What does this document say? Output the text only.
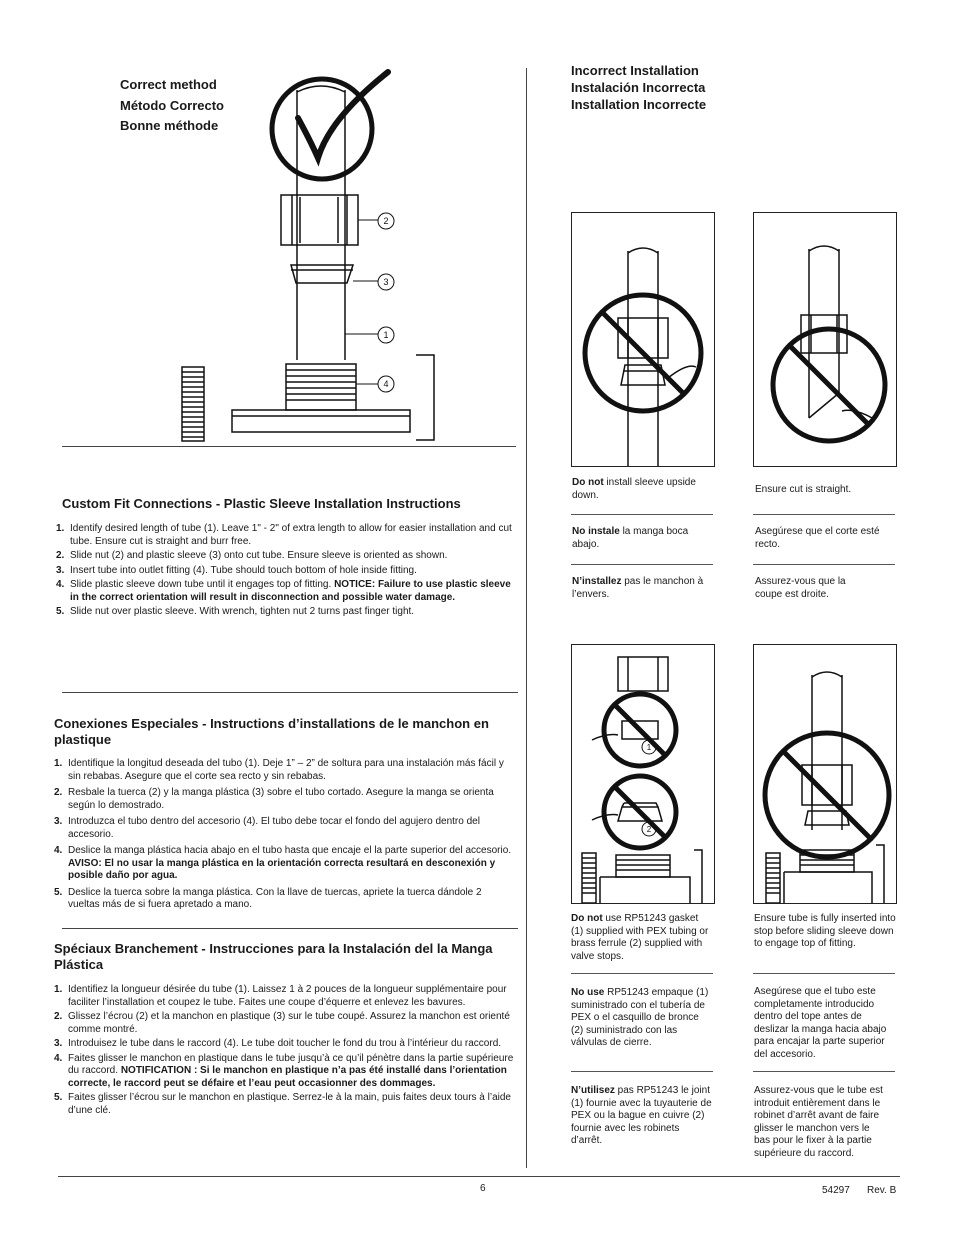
Correct method
Método Correcto
Bonne méthode
2
3
1
4
Custom Fit Connections - Plastic Sleeve Installation Instructions
1. Identify desired length of tube (1). Leave 1" - 2" of extra length to allow for easier installation and cut tube. Ensure cut is straight and burr free.
2. Slide nut (2) and plastic sleeve (3) onto cut tube. Ensure sleeve is oriented as shown.
3. Insert tube into outlet fitting (4). Tube should touch bottom of hole inside fitting.
4. Slide plastic sleeve down tube until it engages top of fitting. NOTICE: Failure to use plastic sleeve in the correct orientation will result in disconnection and possible water damage.
5. Slide nut over plastic sleeve. With wrench, tighten nut 2 turns past finger tight.
Conexiones Especiales - Instructions d’installations de le manchon en plastique
1. Identifique la longitud deseada del tubo (1). Deje 1” – 2” de soltura para una instalación más fácil y sin rebabas. Asegure que el corte sea recto y sin rebabas.
2. Resbale la tuerca (2) y la manga plástica (3) sobre el tubo cortado. Asegure la manga se orienta según lo demostrado.
3. Introduzca el tubo dentro del accesorio (4). El tubo debe tocar el fondo del agujero dentro del accesorio.
4. Deslice la manga plástica hacia abajo en el tubo hasta que encaje el la parte superior del accesorio. AVISO: El no usar la manga plástica en la orientación correcta resultará en desconexión y posible daño por agua.
5. Deslice la tuerca sobre la manga plástica. Con la llave de tuercas, apriete la tuerca dándole 2 vueltas más de si fuera apretado a mano.
Spéciaux Branchement - Instrucciones para la Instalación del la Manga Plástica
1. Identifiez la longueur désirée du tube (1). Laissez 1 à 2 pouces de la longueur supplémentaire pour faciliter l’installation et coupez le tube. Faites une coupe d’équerre et enlevez les bavures.
2. Glissez l’écrou (2) et la manchon en plastique (3) sur le tube coupé. Assurez la manchon est orienté comme montré.
3. Introduisez le tube dans le raccord (4). Le tube doit toucher le fond du trou à l’intérieur du raccord.
4. Faites glisser le manchon en plastique dans le tube jusqu’à ce qu’il pénètre dans la partie supérieure du raccord. NOTIFICATION : Si le manchon en plastique n’a pas été installé dans l’orientation correcte, le raccord peut se défaire et l’eau peut occasionner des dommages.
5. Faites glisser l’écrou sur le manchon en plastique. Serrez-le à la main, puis faites deux tours à l’aide d’une clé.
Incorrect Installation
Instalación Incorrecta
Installation Incorrecte
Do not install sleeve upside down.
No instale la manga boca abajo.
N’installez pas le manchon à l’envers.
Ensure cut is straight.
Asegúrese que el corte esté recto.
Assurez-vous que la coupe est droite.
1
2
Do not use RP51243 gasket (1) supplied with PEX tubing or brass ferrule (2) supplied with valve stops.
No use RP51243 empaque (1) suministrado con el tubería de PEX o el casquillo de bronce (2) suministrado con las válvulas de cierre.
N’utilisez pas RP51243 le joint (1) fournie avec la tuyauterie de PEX ou la bague en cuivre (2) fournie avec les robinets d’arrêt.
Ensure tube is fully inserted into stop before sliding sleeve down to engage top of fitting.
Asegúrese que el tubo este completamente introducido dentro del tope antes de deslizar la manga hacia abajo para encajar la parte superior del accesorio.
Assurez-vous que le tube est introduit entièrement dans le robinet d’arrêt avant de faire glisser le manchon vers le bas pour le fixer à la partie supérieure du raccord.
6	54297 Rev. B
